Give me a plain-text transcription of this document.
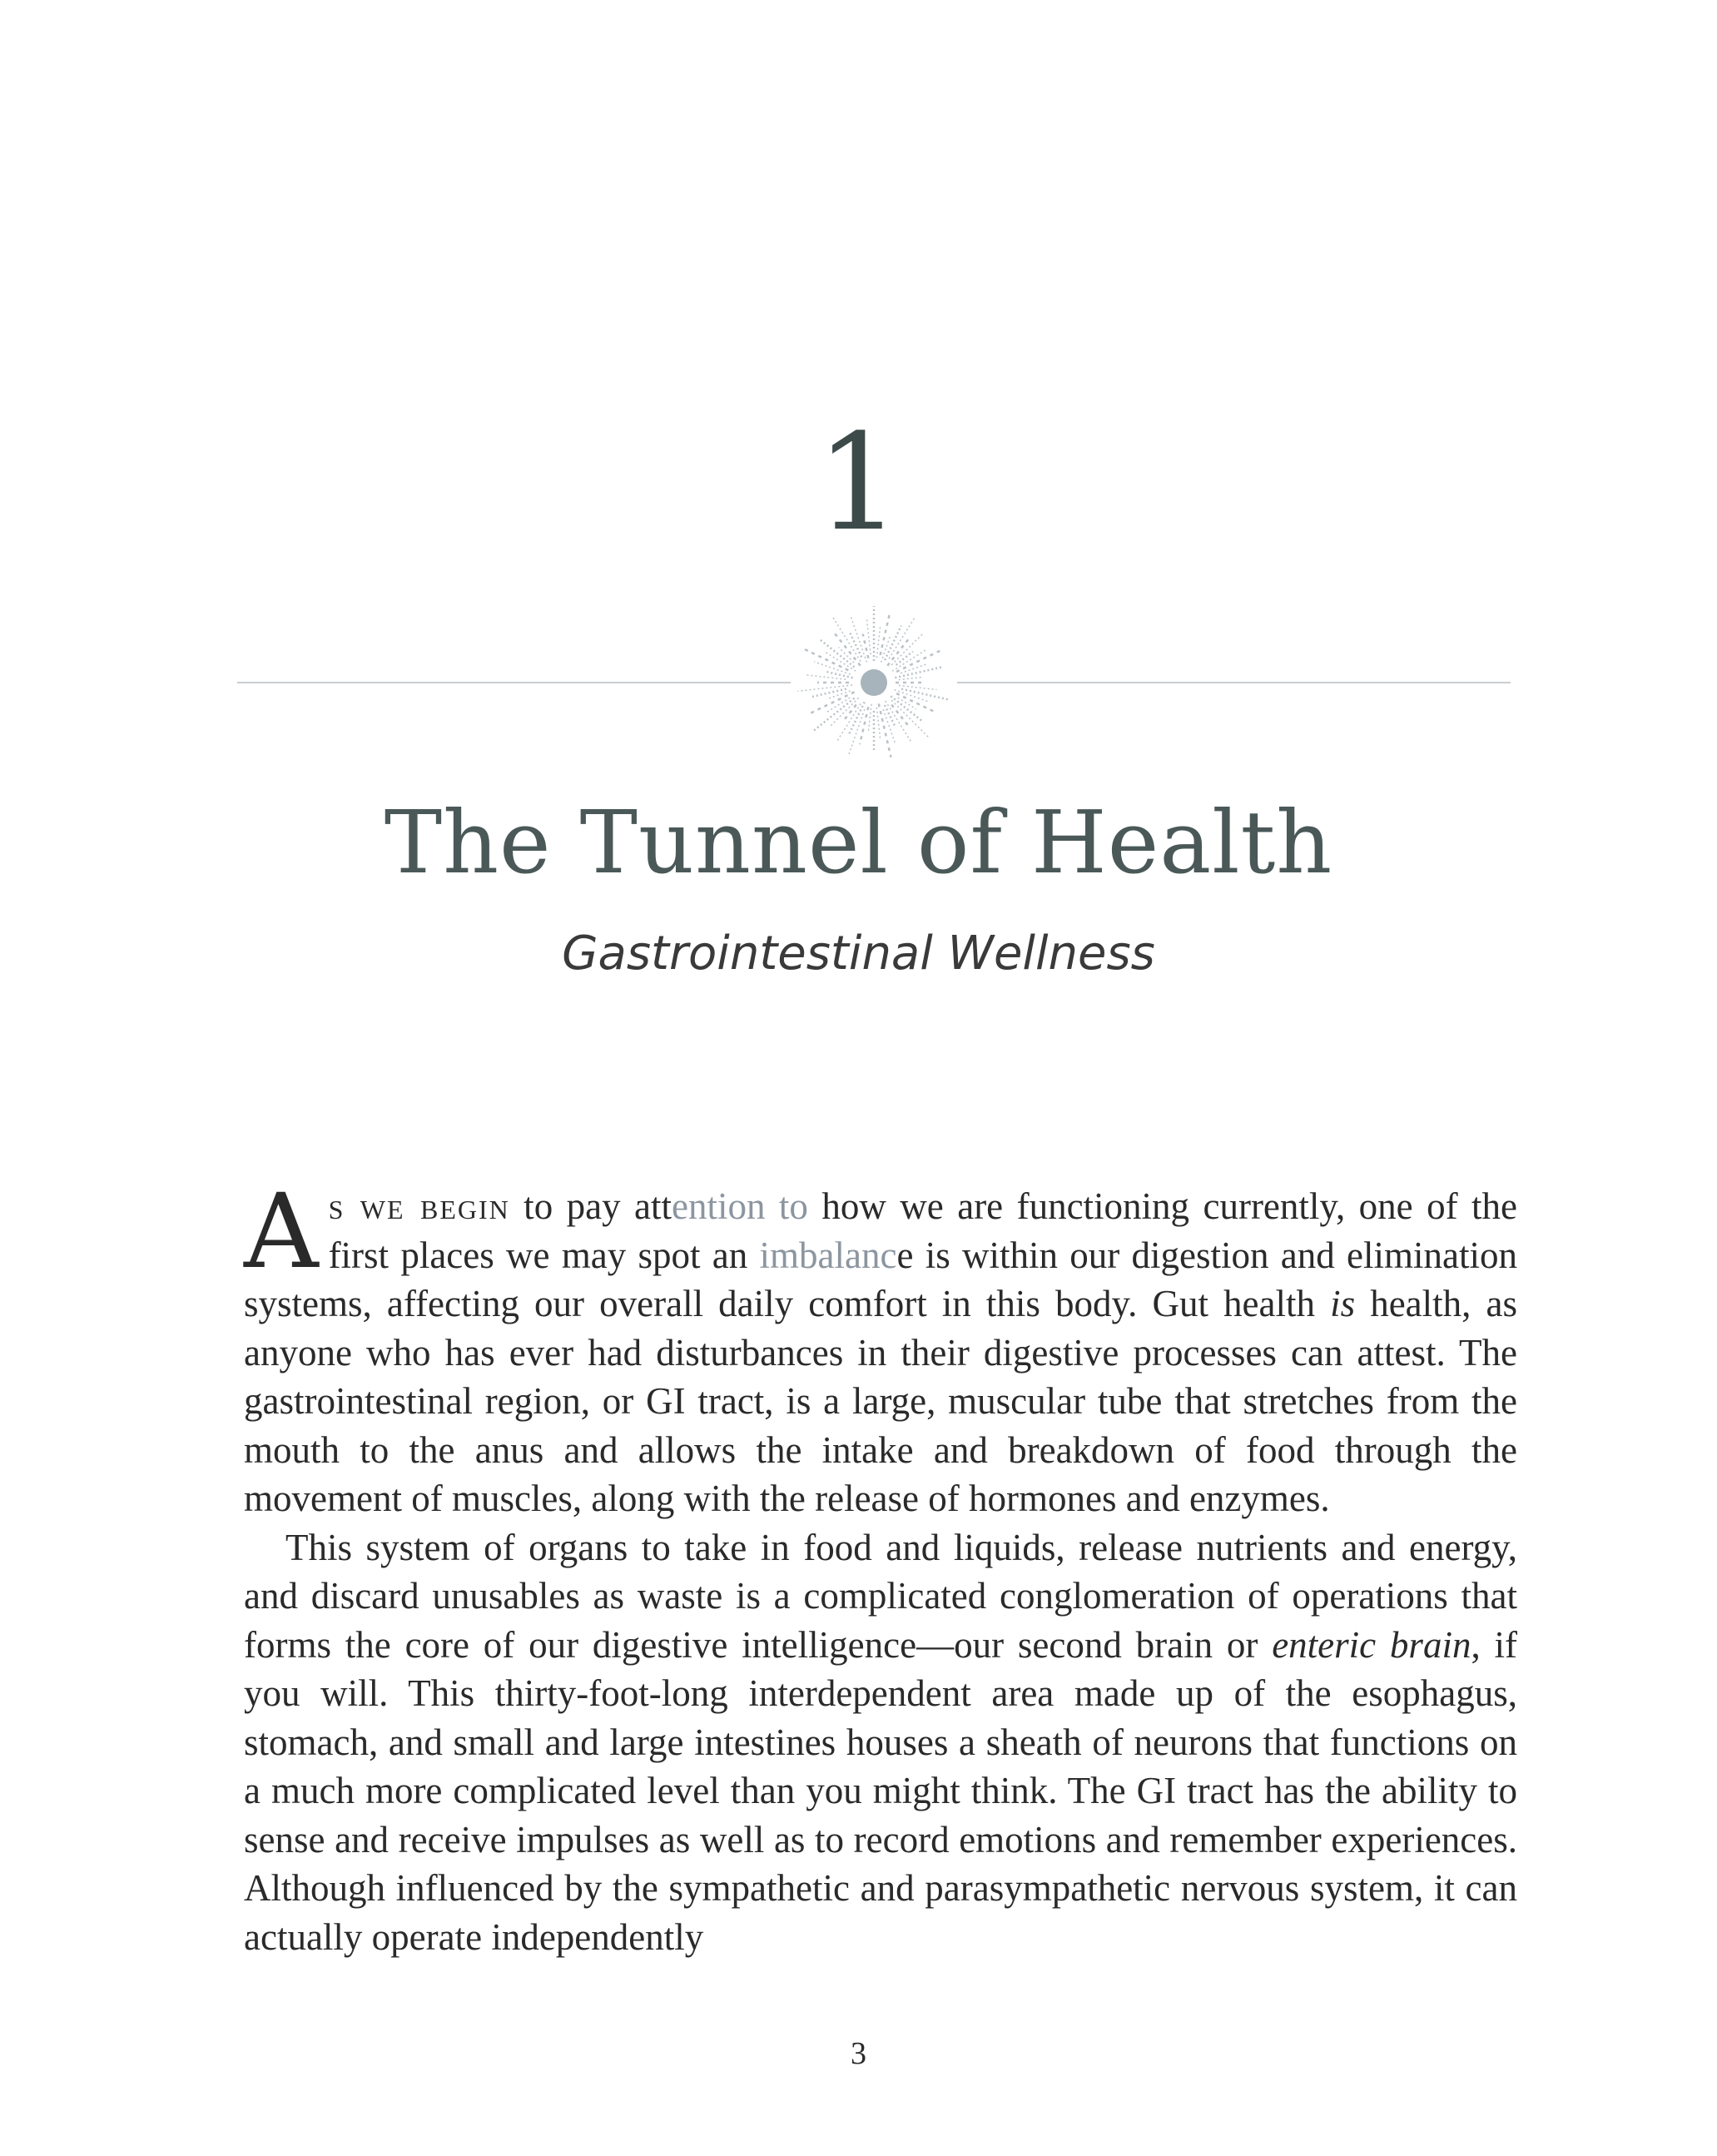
1
The Tunnel of Health
Gastrointestinal Wellness

As we begin to pay attention to how we are functioning currently, one of the first places we may spot an imbalance is within our digestion and elimination systems, affecting our overall daily comfort in this body. Gut health is health, as anyone who has ever had disturbances in their digestive processes can attest. The gastrointestinal region, or GI tract, is a large, muscular tube that stretches from the mouth to the anus and allows the intake and breakdown of food through the movement of muscles, along with the release of hormones and enzymes.

This system of organs to take in food and liquids, release nutrients and energy, and discard unusables as waste is a complicated conglomeration of operations that forms the core of our digestive intelligence—our second brain or enteric brain, if you will. This thirty-foot-long interdependent area made up of the esophagus, stomach, and small and large intestines houses a sheath of neurons that functions on a much more complicated level than you might think. The GI tract has the ability to sense and receive impulses as well as to record emotions and remember experiences. Although influenced by the sympathetic and parasympathetic nervous system, it can actually operate independently

3
